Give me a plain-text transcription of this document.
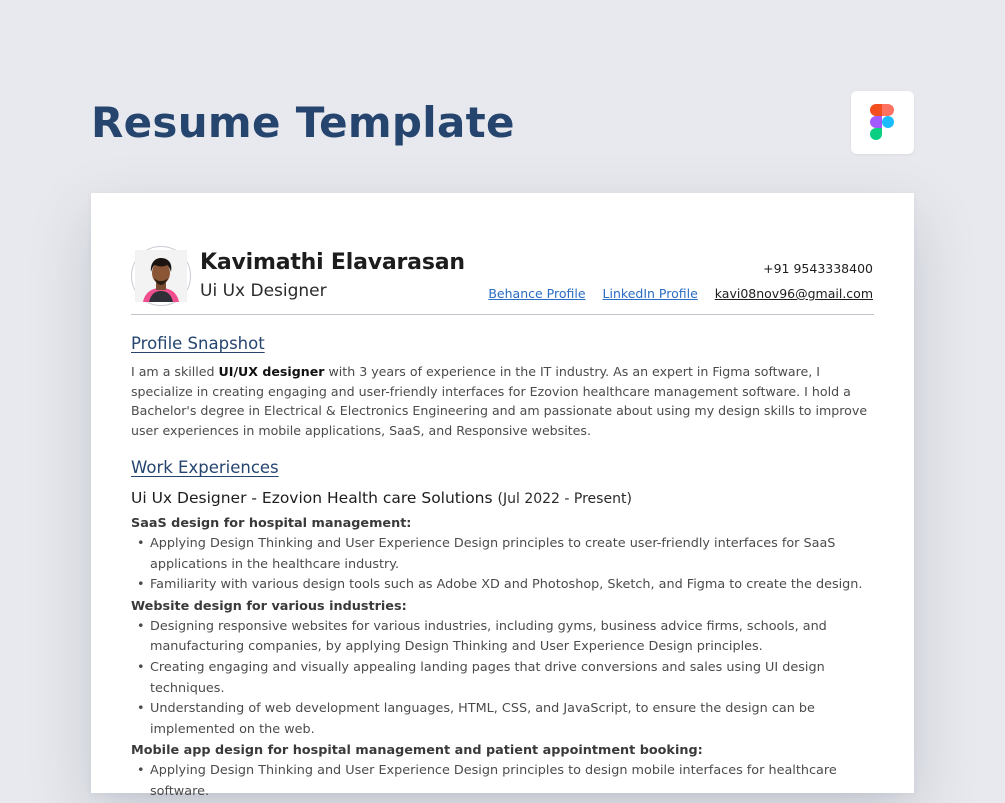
Resume Template
Kavimathi Elavarasan
Ui Ux Designer
+91 9543338400
Behance Profile LinkedIn Profile kavi08nov96@gmail.com
Profile Snapshot
I am a skilled UI/UX designer with 3 years of experience in the IT industry. As an expert in Figma software, I specialize in creating engaging and user-friendly interfaces for Ezovion healthcare management software. I hold a Bachelor's degree in Electrical & Electronics Engineering and am passionate about using my design skills to improve user experiences in mobile applications, SaaS, and Responsive websites.
Work Experiences
Ui Ux Designer - Ezovion Health care Solutions (Jul 2022 - Present)

SaaS design for hospital management:

• Applying Design Thinking and User Experience Design principles to create user-friendly interfaces for SaaS applications in the healthcare industry.
• Familiarity with various design tools such as Adobe XD and Photoshop, Sketch, and Figma to create the design.

Website design for various industries:

• Designing responsive websites for various industries, including gyms, business advice firms, schools, and manufacturing companies, by applying Design Thinking and User Experience Design principles.
• Creating engaging and visually appealing landing pages that drive conversions and sales using UI design techniques.
• Understanding of web development languages, HTML, CSS, and JavaScript, to ensure the design can be implemented on the web.

Mobile app design for hospital management and patient appointment booking:

• Applying Design Thinking and User Experience Design principles to design mobile interfaces for healthcare software.
